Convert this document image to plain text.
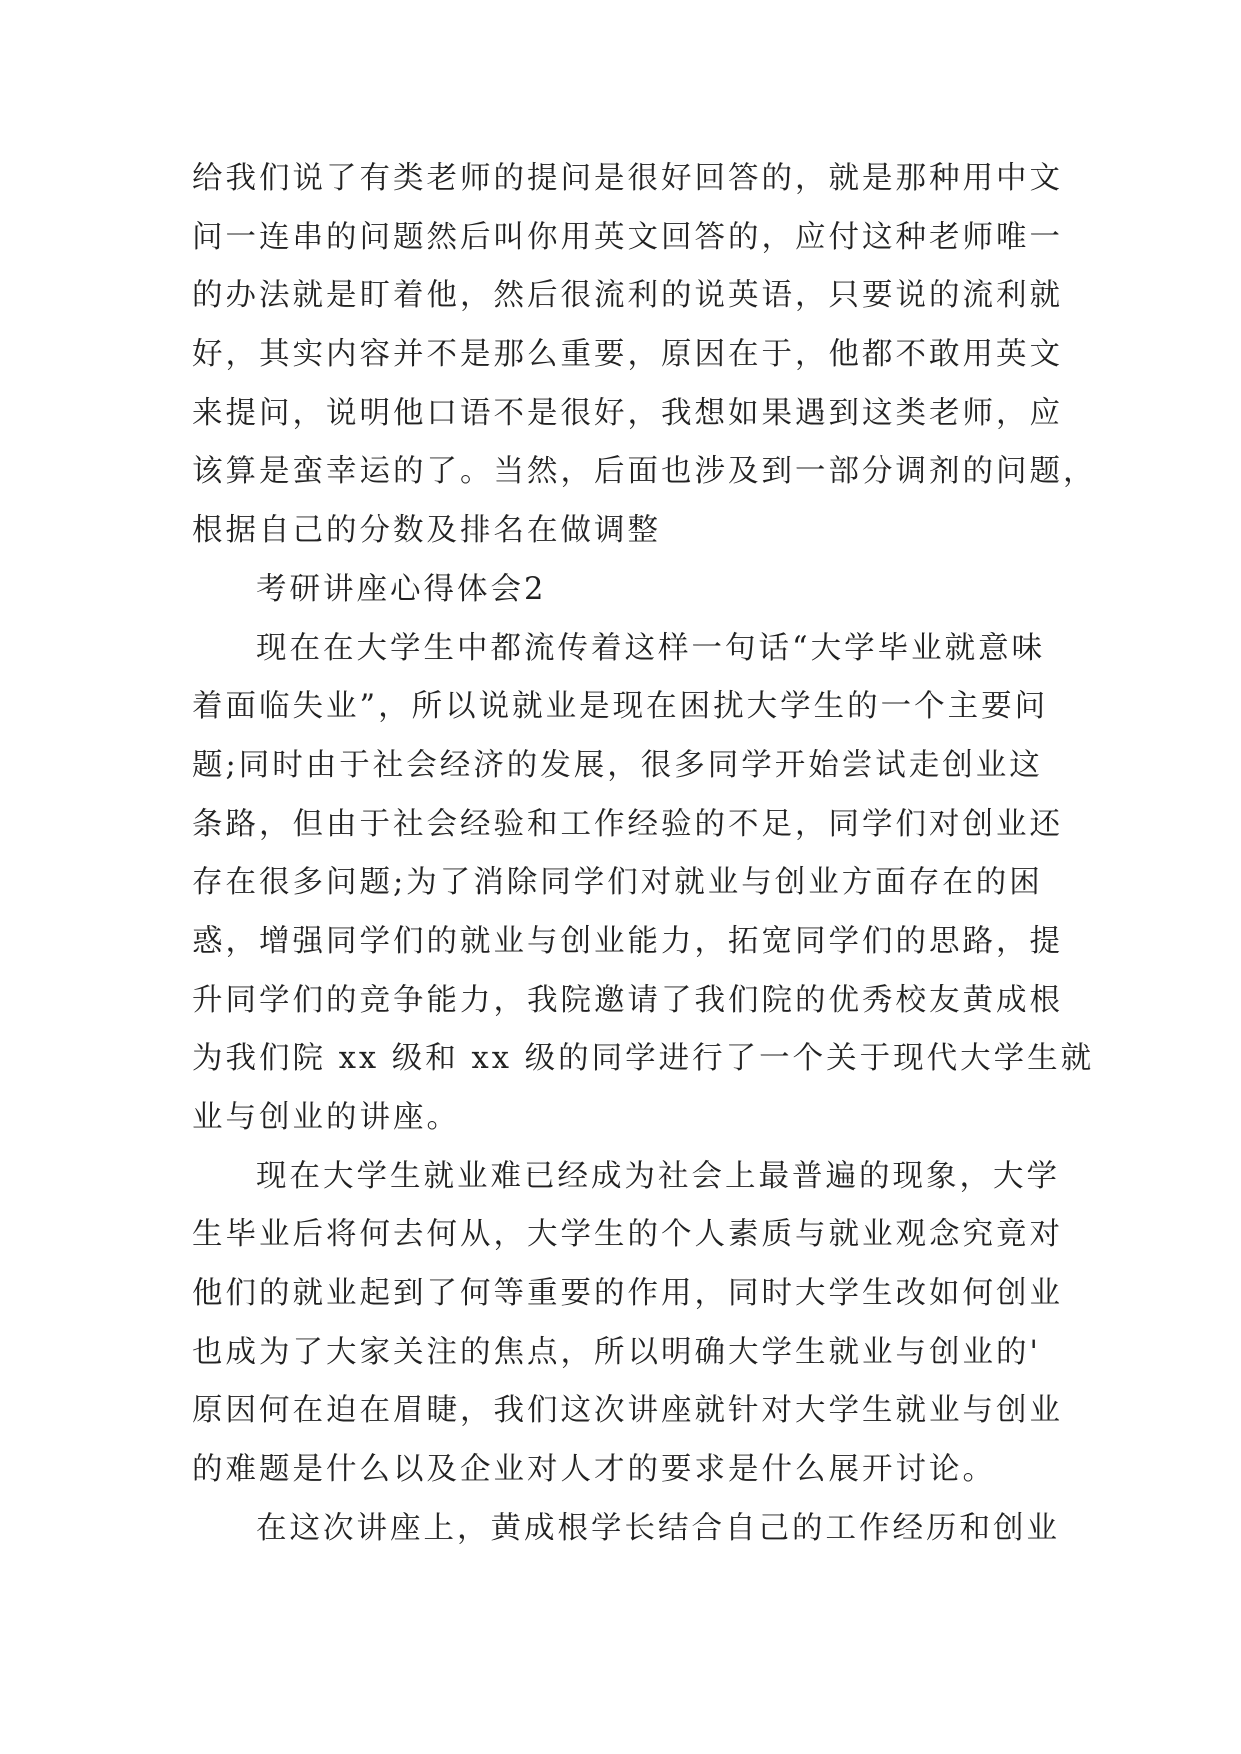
给我们说了有类老师的提问是很好回答的，就是那种用中文
问一连串的问题然后叫你用英文回答的，应付这种老师唯一
的办法就是盯着他，然后很流利的说英语，只要说的流利就
好，其实内容并不是那么重要，原因在于，他都不敢用英文
来提问，说明他口语不是很好，我想如果遇到这类老师，应
该算是蛮幸运的了。当然，后面也涉及到一部分调剂的问题，
根据自己的分数及排名在做调整
考研讲座心得体会2
现在在大学生中都流传着这样一句话“大学毕业就意味
着面临失业”，所以说就业是现在困扰大学生的一个主要问
题;同时由于社会经济的发展，很多同学开始尝试走创业这
条路，但由于社会经验和工作经验的不足，同学们对创业还
存在很多问题;为了消除同学们对就业与创业方面存在的困
惑，增强同学们的就业与创业能力，拓宽同学们的思路，提
升同学们的竞争能力，我院邀请了我们院的优秀校友黄成根
为我们院 xx 级和 xx 级的同学进行了一个关于现代大学生就
业与创业的讲座。
现在大学生就业难已经成为社会上最普遍的现象，大学
生毕业后将何去何从，大学生的个人素质与就业观念究竟对
他们的就业起到了何等重要的作用，同时大学生改如何创业
也成为了大家关注的焦点，所以明确大学生就业与创业的'
原因何在迫在眉睫，我们这次讲座就针对大学生就业与创业
的难题是什么以及企业对人才的要求是什么展开讨论。
在这次讲座上，黄成根学长结合自己的工作经历和创业
